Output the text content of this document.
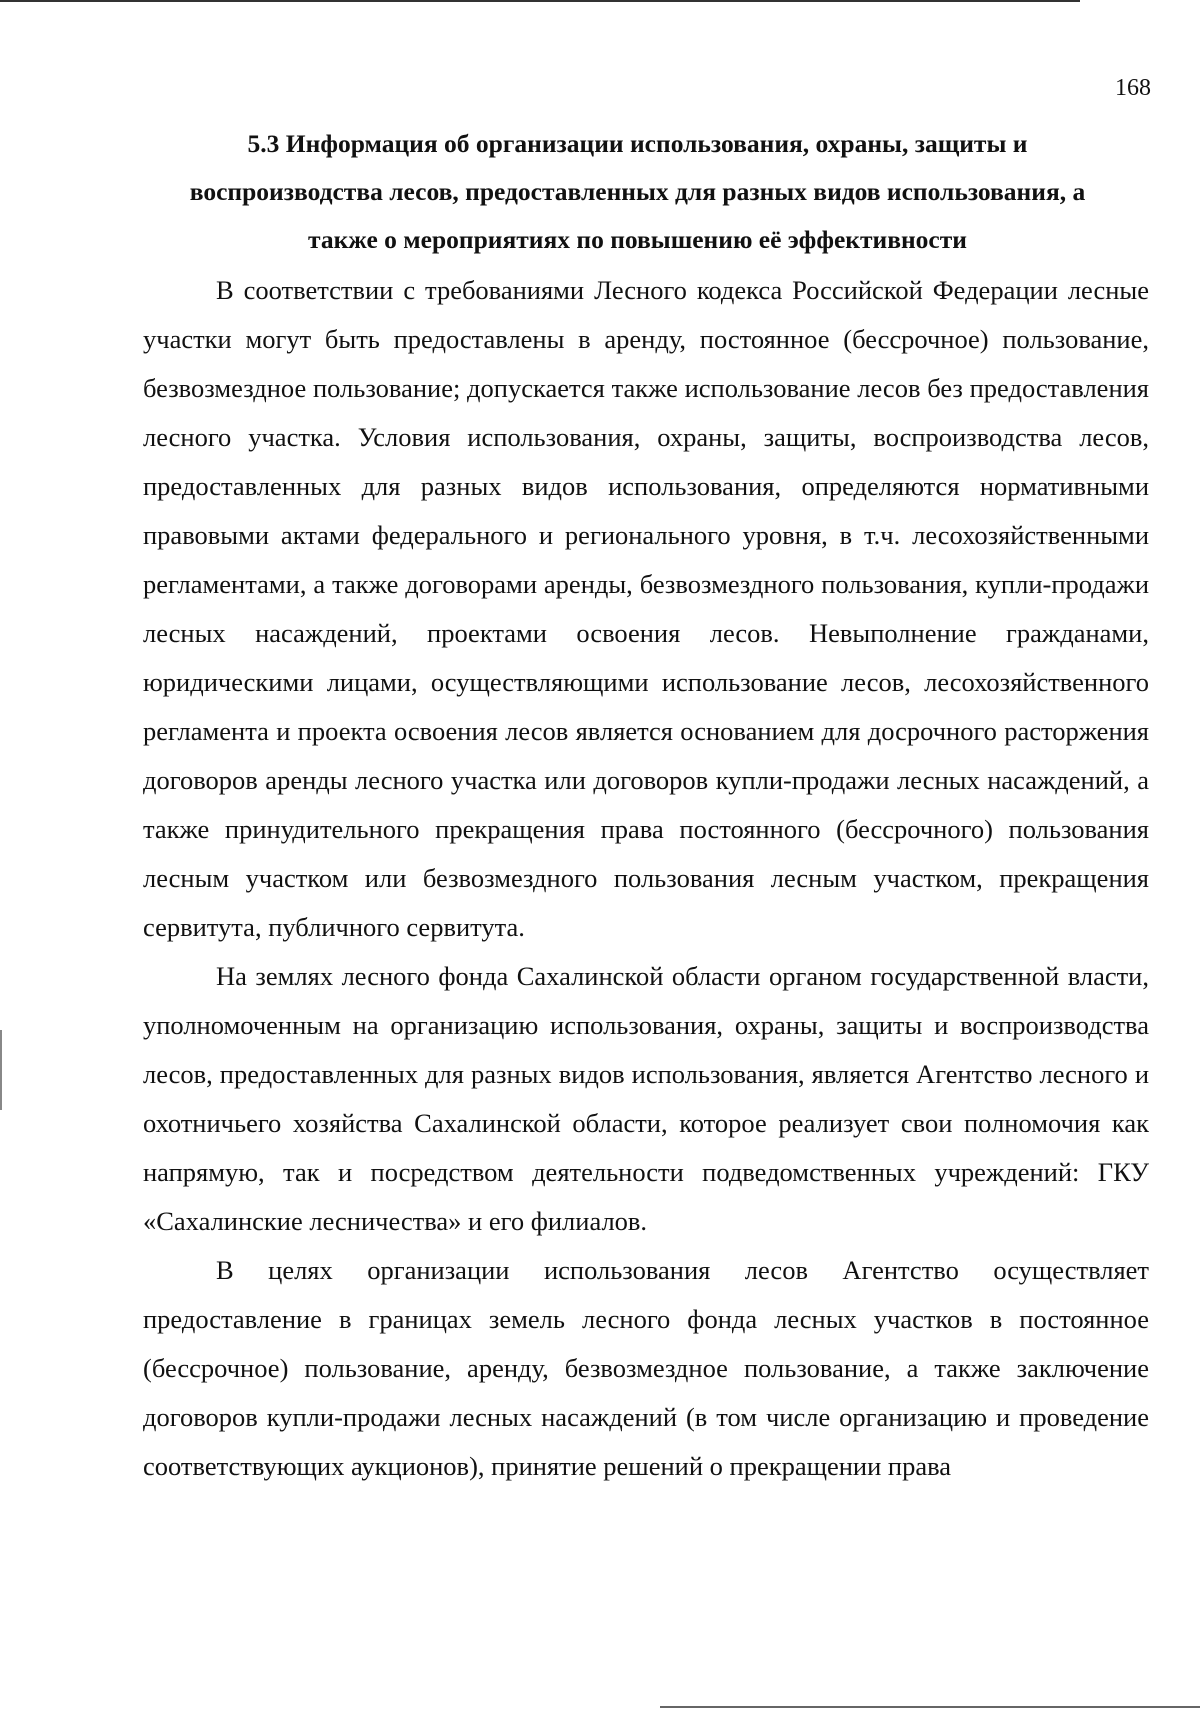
168
5.3 Информация об организации использования, охраны, защиты и
воспроизводства лесов, предоставленных для разных видов использования, а
также о мероприятиях по повышению её эффективности

В соответствии с требованиями Лесного кодекса Российской Федерации лесные участки могут быть предоставлены в аренду, постоянное (бессрочное) пользование, безвозмездное пользование; допускается также использование лесов без предоставления лесного участка. Условия использования, охраны, защиты, воспроизводства лесов, предоставленных для разных видов использования, определяются нормативными правовыми актами федерального и регионального уровня, в т.ч. лесохозяйственными регламентами, а также договорами аренды, безвозмездного пользования, купли-продажи лесных насаждений, проектами освоения лесов. Невыполнение гражданами, юридическими лицами, осуществляющими использование лесов, лесохозяйственного регламента и проекта освоения лесов является основанием для досрочного расторжения договоров аренды лесного участка или договоров купли-продажи лесных насаждений, а также принудительного прекращения права постоянного (бессрочного) пользования лесным участком или безвозмездного пользования лесным участком, прекращения сервитута, публичного сервитута.

На землях лесного фонда Сахалинской области органом государственной власти, уполномоченным на организацию использования, охраны, защиты и воспроизводства лесов, предоставленных для разных видов использования, является Агентство лесного и охотничьего хозяйства Сахалинской области, которое реализует свои полномочия как напрямую, так и посредством деятельности подведомственных учреждений: ГКУ «Сахалинские лесничества» и его филиалов.

В целях организации использования лесов Агентство осуществляет предоставление в границах земель лесного фонда лесных участков в постоянное (бессрочное) пользование, аренду, безвозмездное пользование, а также заключение договоров купли-продажи лесных насаждений (в том числе организацию и проведение соответствующих аукционов), принятие решений о прекращении права
